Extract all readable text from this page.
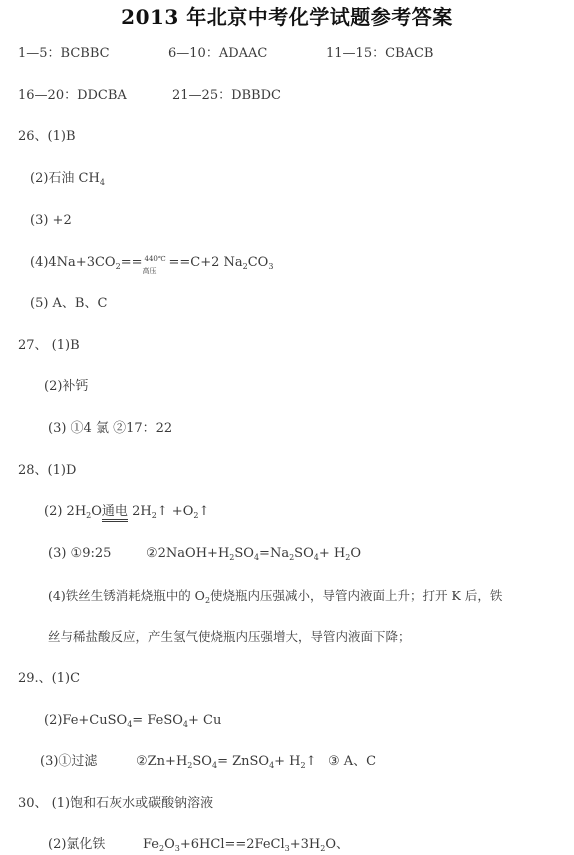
2013 年北京中考化学试题参考答案
1—5：BCBBC	6—10：ADAAC	11—15：CBACB
16—20：DDCBA	21—25：DBBDC
26、(1)B
(2)石油 $CH_4$
(3) +2
$(4)4Na+3CO_2==$ 440℃
高压
==C+2 $Na_2CO_3$
(5) A、B、C
27、 (1)B
(2)补钙
(3) ①4 氯 ②17：22
28、(1)D
(2) $2H_2O$通电 $2H_2↑$ $+O_2↑$
(3) ①9:25	$②2NaOH+H_2SO_4=Na_2SO_4+ H_2O$
(4)铁丝生锈消耗烧瓶中的 $O_2$使烧瓶内压强减小，导管内液面上升；打开 K 后，铁
丝与稀盐酸反应，产生氢气使烧瓶内压强增大，导管内液面下降；
29.、(1)C
(2)Fe+CuSO$_4$= FeSO$_4$+ Cu
(3)①过滤	$②Zn+H_2SO_4=$ ZnSO$_4$+ $H_2↑$ ③ A、C
30、 (1)饱和石灰水或碳酸钠溶液
(2)氯化铁	$Fe_2O_3+6HCl==2FeCl_3+3H_2O$、
